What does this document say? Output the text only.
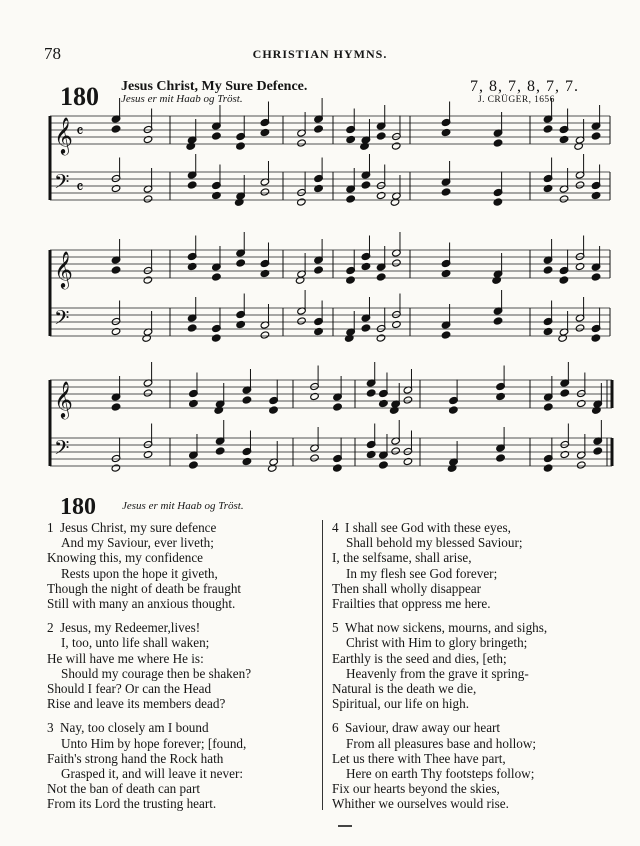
78	CHRISTIAN HYMNS.
180 Jesus Christ, My Sure Defence.
Jesus er mit Haab og Tröst.
7, 8, 7, 8, 7, 7.
J. CRÜGER, 1656
𝄞 𝄴
𝄢 𝄴
𝄞
𝄢
𝄞
𝄢
180 Jesus er mit Haab og Tröst.
1 Jesus Christ, my sure defence
And my Saviour, ever liveth;
Knowing this, my confidence
Rests upon the hope it giveth,
Though the night of death be fraught
Still with many an anxious thought.
2 Jesus, my Redeemer,lives!
I, too, unto life shall waken;
He will have me where He is:
Should my courage then be shaken?
Should I fear? Or can the Head
Rise and leave its members dead?
3 Nay, too closely am I bound
Unto Him by hope forever; [found,
Faith's strong hand the Rock hath
Grasped it, and will leave it never:
Not the ban of death can part
From its Lord the trusting heart.
4 I shall see God with these eyes,
Shall behold my blessed Saviour;
I, the selfsame, shall arise,
In my flesh see God forever;
Then shall wholly disappear
Frailties that oppress me here.
5 What now sickens, mourns, and sighs,
Christ with Him to glory bringeth;
Earthly is the seed and dies, [eth;
Heavenly from the grave it spring-
Natural is the death we die,
Spiritual, our life on high.
6 Saviour, draw away our heart
From all pleasures base and hollow;
Let us there with Thee have part,
Here on earth Thy footsteps follow;
Fix our hearts beyond the skies,
Whither we ourselves would rise.
